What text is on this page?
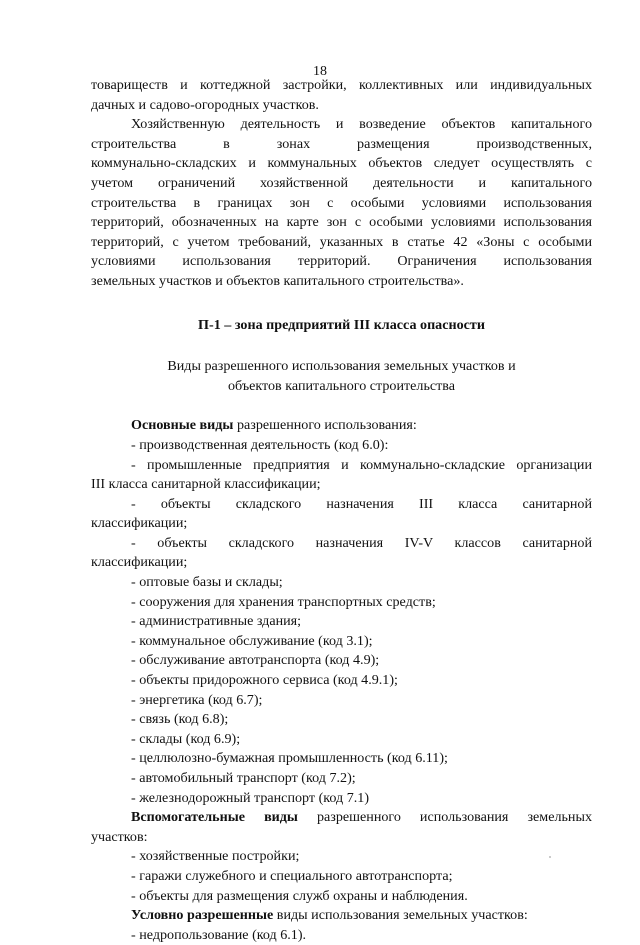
18

товариществ и коттеджной застройки, коллективных или индивидуальных

дачных и садово-огородных участков.

Хозяйственную деятельность и возведение объектов капитального

строительства в зонах размещения производственных,

коммунально-складских и коммунальных объектов следует осуществлять с

учетом ограничений хозяйственной деятельности и капитального

строительства в границах зон с особыми условиями использования

территорий, обозначенных на карте зон с особыми условиями использования

территорий, с учетом требований, указанных в статье 42 «Зоны с особыми

условиями использования территорий. Ограничения использования

земельных участков и объектов капитального строительства».

П-1 – зона предприятий III класса опасности

Виды разрешенного использования земельных участков и

объектов капитального строительства

Основные виды разрешенного использования:

- производственная деятельность (код 6.0):

- промышленные предприятия и коммунально-складские организации

III класса санитарной классификации;

- объекты складского назначения III класса санитарной

классификации;

- объекты складского назначения IV-V классов санитарной

классификации;

- оптовые базы и склады;

- сооружения для хранения транспортных средств;

- административные здания;

- коммунальное обслуживание (код 3.1);

- обслуживание автотранспорта (код 4.9);

- объекты придорожного сервиса (код 4.9.1);

- энергетика (код 6.7);

- связь (код 6.8);

- склады (код 6.9);

- целлюлозно-бумажная промышленность (код 6.11);

- автомобильный транспорт (код 7.2);

- железнодорожный транспорт (код 7.1)

Вспомогательные виды разрешенного использования земельных

участков:

- хозяйственные постройки;

- гаражи служебного и специального автотранспорта;

- объекты для размещения служб охраны и наблюдения.

Условно разрешенные виды использования земельных участков:

- недропользование (код 6.1).
